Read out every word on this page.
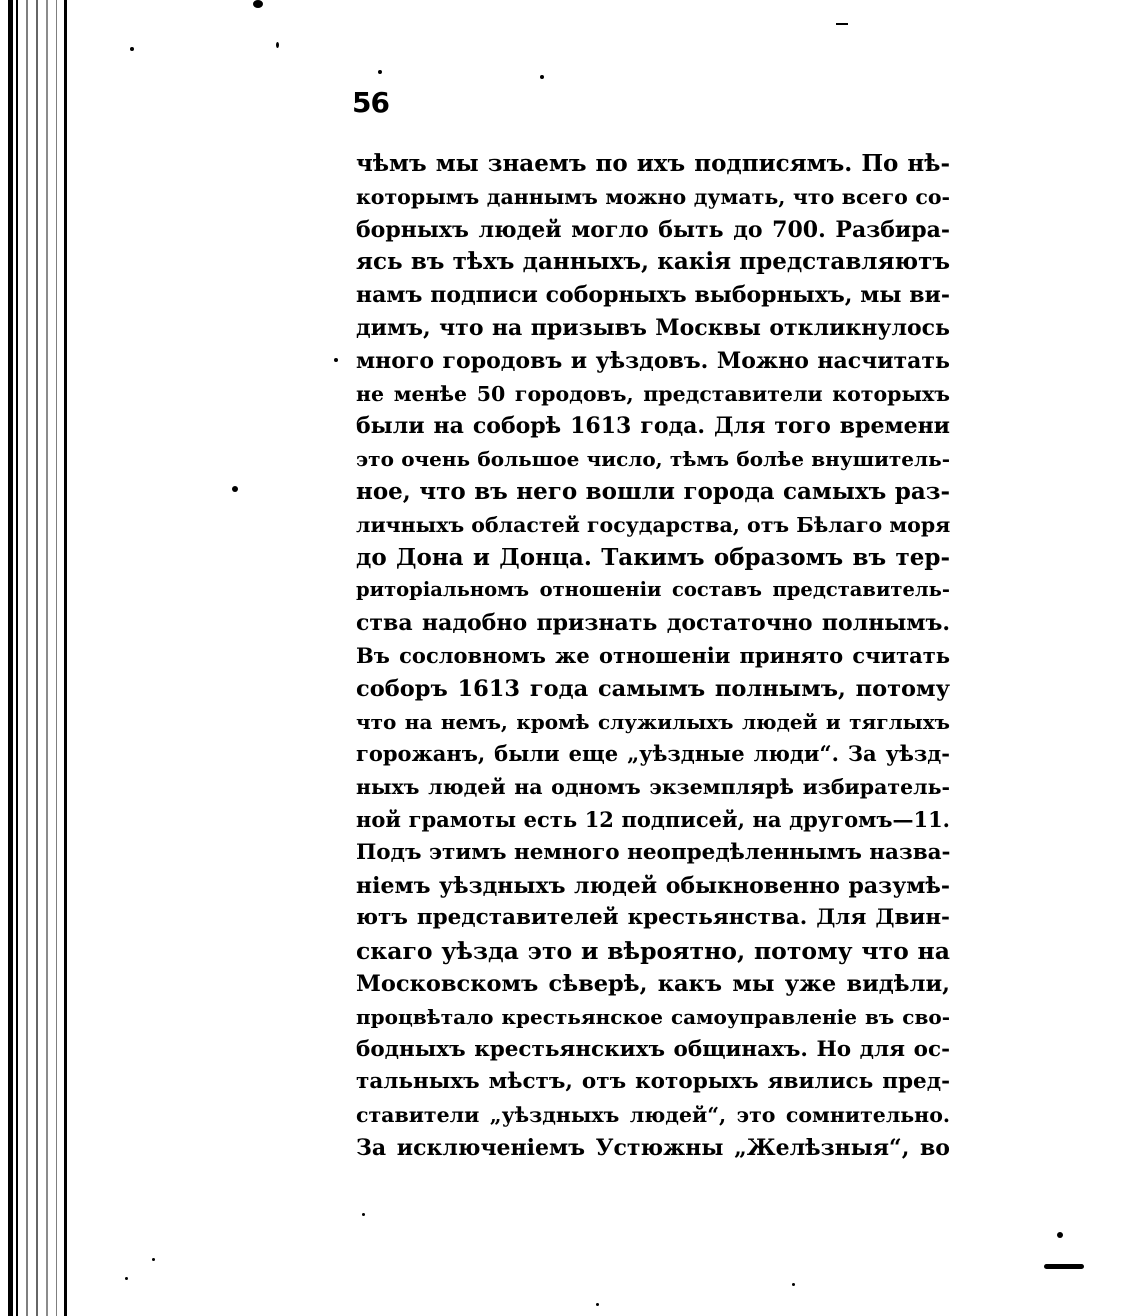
56
чѣмъ мы знаемъ по ихъ подписямъ. По нѣ-
которымъ даннымъ можно думать, что всего со-
борныхъ людей могло быть до 700. Разбира-
ясь въ тѣхъ данныхъ, какія представляютъ
намъ подписи соборныхъ выборныхъ, мы ви-
димъ, что на призывъ Москвы откликнулось
много городовъ и уѣздовъ. Можно насчитать
не менѣе 50 городовъ, представители которыхъ
были на соборѣ 1613 года. Для того времени
это очень большое число, тѣмъ болѣе внушитель-
ное, что въ него вошли города самыхъ раз-
личныхъ областей государства, отъ Бѣлаго моря
до Дона и Донца. Такимъ образомъ въ тер-
риторіальномъ отношеніи составъ представитель-
ства надобно признать достаточно полнымъ.
Въ сословномъ же отношеніи принято считать
соборъ 1613 года самымъ полнымъ, потому
что на немъ, кромѣ служилыхъ людей и тяглыхъ
горожанъ, были еще „уѣздные люди“. За уѣзд-
ныхъ людей на одномъ экземплярѣ избиратель-
ной грамоты есть 12 подписей, на другомъ—11.
Подъ этимъ немного неопредѣленнымъ назва-
ніемъ уѣздныхъ людей обыкновенно разумѣ-
ютъ представителей крестьянства. Для Двин-
скаго уѣзда это и вѣроятно, потому что на
Московскомъ сѣверѣ, какъ мы уже видѣли,
процвѣтало крестьянское самоуправленіе въ сво-
бодныхъ крестьянскихъ общинахъ. Но для ос-
тальныхъ мѣстъ, отъ которыхъ явились пред-
ставители „уѣздныхъ людей“, это сомнительно.
За исключеніемъ Устюжны „Желѣзныя“, во
